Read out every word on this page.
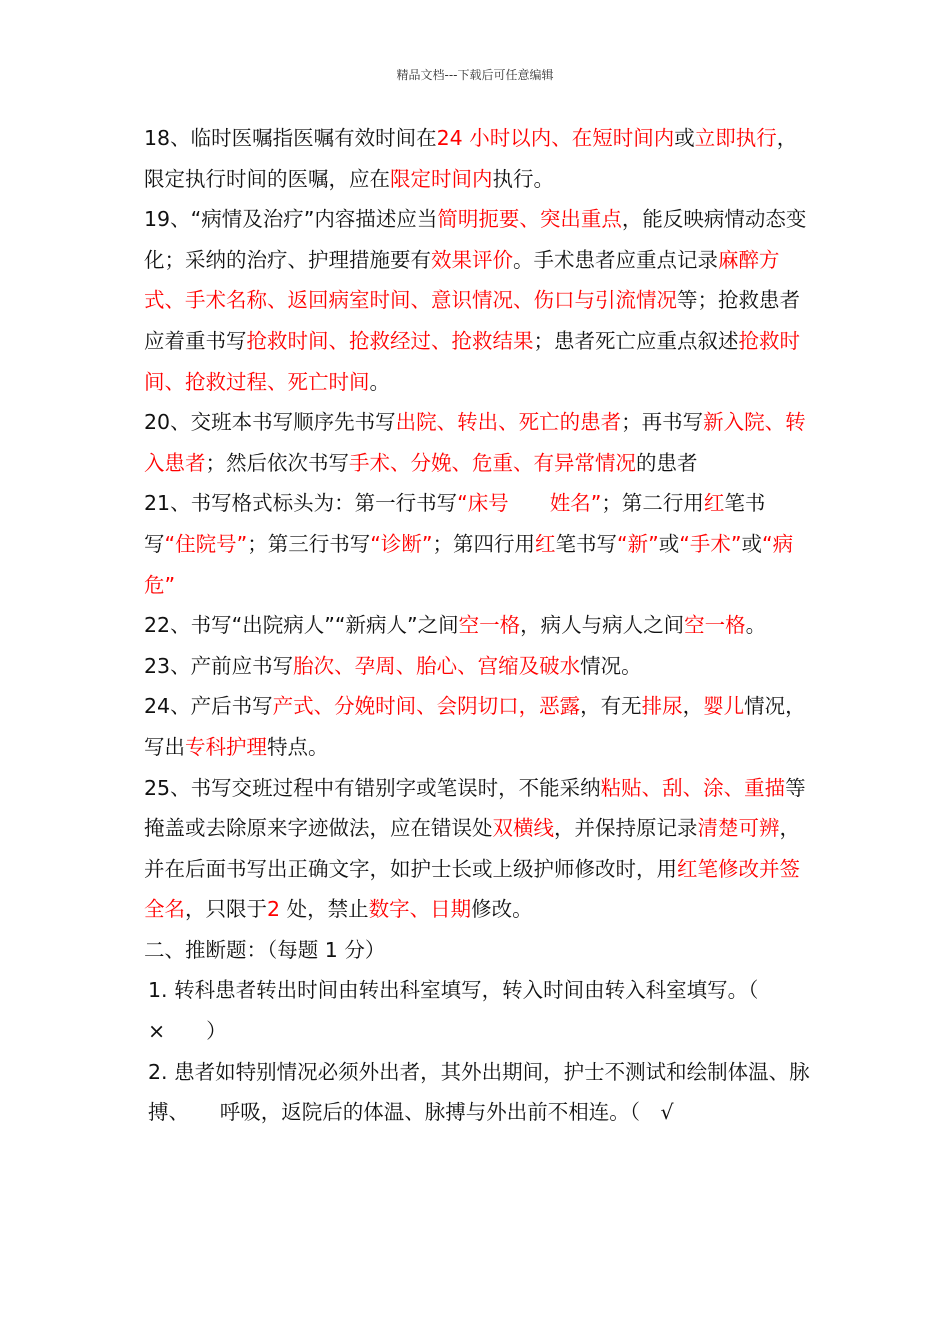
精品文档---下载后可任意编辑
18、临时医嘱指医嘱有效时间在24 小时以内、在短时间内或立即执行，限定执行时间的医嘱，应在限定时间内执行。
19、“病情及治疗”内容描述应当简明扼要、突出重点，能反映病情动态变化；采纳的治疗、护理措施要有效果评价。手术患者应重点记录麻醉方式、手术名称、返回病室时间、意识情况、伤口与引流情况等；抢救患者应着重书写抢救时间、抢救经过、抢救结果；患者死亡应重点叙述抢救时间、抢救过程、死亡时间。
20、交班本书写顺序先书写出院、转出、死亡的患者；再书写新入院、转入患者；然后依次书写手术、分娩、危重、有异常情况的患者
21、书写格式标头为：第一行书写“床号　　姓名”；第二行用红笔书写“住院号”；第三行书写“诊断”；第四行用红笔书写“新”或“手术”或“病危”
22、书写“出院病人”“新病人”之间空一格，病人与病人之间空一格。
23、产前应书写胎次、孕周、胎心、宫缩及破水情况。
24、产后书写产式、分娩时间、会阴切口，恶露，有无排尿，婴儿情况，写出专科护理特点。
25、书写交班过程中有错别字或笔误时，不能采纳粘贴、刮、涂、重描等掩盖或去除原来字迹做法，应在错误处双横线，并保持原记录清楚可辨，并在后面书写出正确文字，如护士长或上级护师修改时，用红笔修改并签全名，只限于2 处，禁止数字、日期修改。
二、推断题：（每题 1 分）
1. 转科患者转出时间由转出科室填写，转入时间由转入科室填写。（　×　　）
2. 患者如特别情况必须外出者，其外出期间，护士不测试和绘制体温、脉搏、　　呼吸，返院后的体温、脉搏与外出前不相连。（　√
